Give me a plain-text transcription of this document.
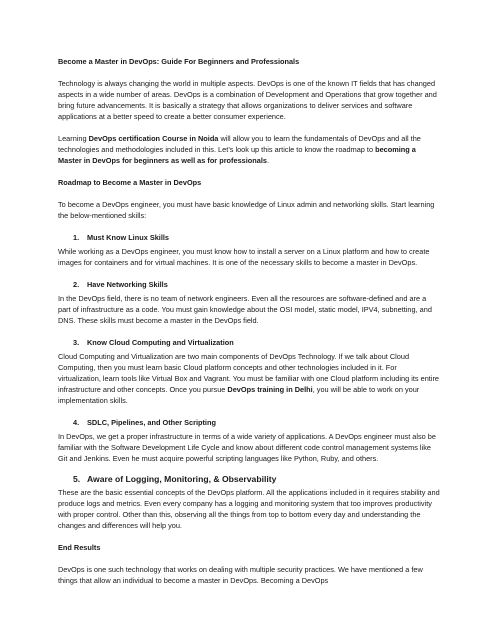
Become a Master in DevOps: Guide For Beginners and Professionals

Technology is always changing the world in multiple aspects. DevOps is one of the known IT fields that has changed aspects in a wide number of areas. DevOps is a combination of Development and Operations that grow together and bring future advancements. It is basically a strategy that allows organizations to deliver services and software applications at a better speed to create a better consumer experience.

Learning DevOps certification Course in Noida will allow you to learn the fundamentals of DevOps and all the technologies and methodologies included in this. Let’s look up this article to know the roadmap to becoming a Master in DevOps for beginners as well as for professionals.

Roadmap to Become a Master in DevOps

To become a DevOps engineer, you must have basic knowledge of Linux admin and networking skills. Start learning the below-mentioned skills:

1. Must Know Linux Skills

While working as a DevOps engineer, you must know how to install a server on a Linux platform and how to create images for containers and for virtual machines. It is one of the necessary skills to become a master in DevOps.

2. Have Networking Skills

In the DevOps field, there is no team of network engineers. Even all the resources are software-defined and are a part of infrastructure as a code. You must gain knowledge about the OSI model, static model, IPV4, subnetting, and DNS. These skills must become a master in the DevOps field.

3. Know Cloud Computing and Virtualization

Cloud Computing and Virtualization are two main components of DevOps Technology. If we talk about Cloud Computing, then you must learn basic Cloud platform concepts and other technologies included in it. For virtualization, learn tools like Virtual Box and Vagrant. You must be familiar with one Cloud platform including its entire infrastructure and other concepts. Once you pursue DevOps training in Delhi, you will be able to work on your implementation skills.

4. SDLC, Pipelines, and Other Scripting

In DevOps, we get a proper infrastructure in terms of a wide variety of applications. A DevOps engineer must also be familiar with the Software Development Life Cycle and know about different code control management systems like Git and Jenkins. Even he must acquire powerful scripting languages like Python, Ruby, and others.

5. Aware of Logging, Monitoring, & Observability

These are the basic essential concepts of the DevOps platform. All the applications included in it requires stability and produce logs and metrics. Even every company has a logging and monitoring system that too improves productivity with proper control. Other than this, observing all the things from top to bottom every day and understanding the changes and differences will help you.

End Results

DevOps is one such technology that works on dealing with multiple security practices. We have mentioned a few things that allow an individual to become a master in DevOps. Becoming a DevOps
